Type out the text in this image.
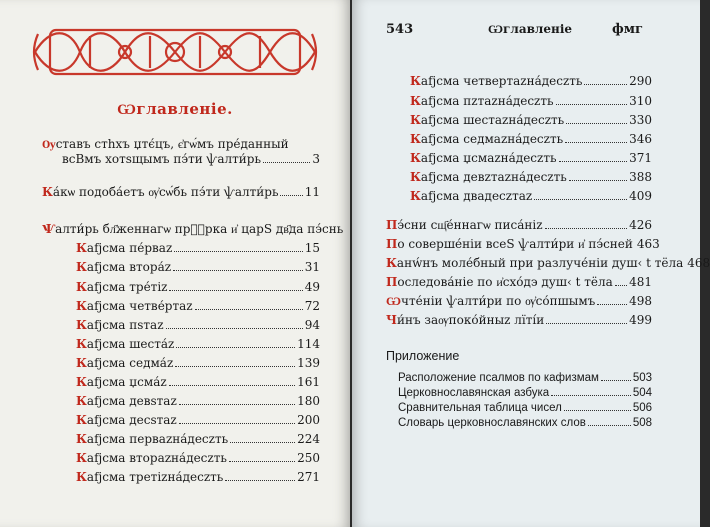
Ѡглавлeніе.
Ѹстaвъ стhхъ џтє́цъ, є҆гѡ́мъ пре́данный
всBмъ хотsщымъ пэ́ти ѱалти́рь	3
К а́кѡ подоба́етъ ѹ҆сѡ́бь пэ́ти ѱалти́рь 11
Ѱ алти́рь бл҃женнагѡ прⷪ҇рка и҆ царS дв҃да пэ́снь
К аfjсма пе́рваz	15
К аfjсма втора́z	31
К аfjсма тре́тіz	49
К аfjсма четве́ртаz	72
К аfjсма пsтаz	94
К аfjсма шеста́z	114
К аfjсма седма́z	139
К аfjсма џсма́z	161
К аfjсма девsтаz	180
К аfjсма десsтаz	200
К аfjсма перваzна́десzть	224
К аfjсма втораzна́десzть	250
К аfjсма третіzна́десzть	271
543	Ѡглавлeніе	фмг
К аfjсма четвертаzна́десzть	290
К аfjсма пzтаzна́десzть	310
К аfjсма шестаzна́десzть	330
К аfjсма седмаzна́десzть	346
К аfjсма џсмаzна́десzть	371
К аfjсма девzтаzна́десzть	388
К аfjсма двадесzтаz	409
П э́сни сщ҃е́ннагѡ писа́ніz	426
П о соверше́ніи всеS ѱалти́ри и҆ пэ́сней 463
К анẃнъ моле́бный при разлуче́ніи душ‹ t тёла 468
П оследова́ніе по и҆схо́дэ душ‹ t тёла 481
Ѡ чте́ніи ѱалти́ри по ѹ҆со́пшымъ	498
Ч и́нъ заѹпоко́йныz лїті́и	499
Приложение
Расположение псалмов по кафизмам	503
Церковнославянская азбука	504
Сравнительная таблица чисел	506
Словарь церковнославянских слов	508
